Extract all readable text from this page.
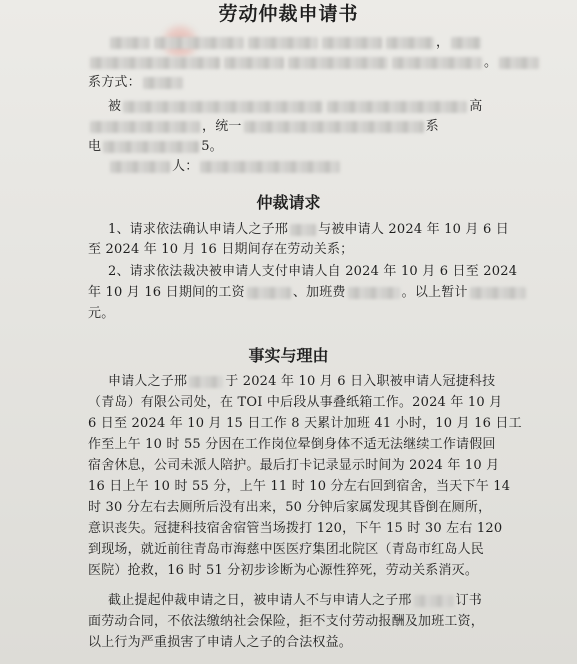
劳动仲裁申请书
，
。
系方式：
被	高
，统一	系
电	5。
人：
仲裁请求
1、请求依法确认申请人之子邢 与被申请人 2024 年 10 月 6 日
至 2024 年 10 月 16 日期间存在劳动关系；
2、请求依法裁决被申请人支付申请人自 2024 年 10 月 6 日至 2024
年 10 月 16 日期间的工资	、加班费	。以上暂计
元。
事实与理由
申请人之子邢	于 2024 年 10 月 6 日入职被申请人冠捷科技
（青岛）有限公司处，在 TOI 中后段从事叠纸箱工作。2024 年 10 月
6 日至 2024 年 10 月 15 日工作 8 天累计加班 41 小时，10 月 16 日工
作至上午 10 时 55 分因在工作岗位晕倒身体不适无法继续工作请假回
宿舍休息，公司未派人陪护。最后打卡记录显示时间为 2024 年 10 月
16 日上午 10 时 55 分，上午 11 时 10 分左右回到宿舍，当天下午 14
时 30 分左右去厕所后没有出来，50 分钟后家属发现其昏倒在厕所，
意识丧失。冠捷科技宿舍宿管当场拨打 120，下午 15 时 30 左右 120
到现场，就近前往青岛市海慈中医医疗集团北院区（青岛市红岛人民
医院）抢救，16 时 51 分初步诊断为心源性猝死，劳动关系消灭。
截止提起仲裁申请之日，被申请人不与申请人之子邢	订书
面劳动合同，不依法缴纳社会保险，拒不支付劳动报酬及加班工资，
以上行为严重损害了申请人之子的合法权益。
